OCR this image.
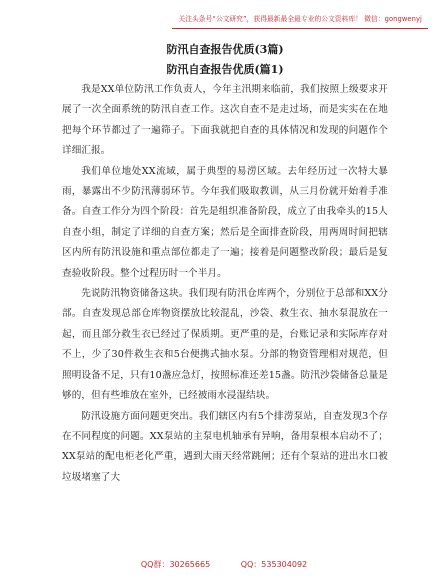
关注头条号“公文研究”，获得最新最全最专业的公文资料库！ 微信：gongwenyj
防汛自查报告优质(3篇)
防汛自查报告优质(篇1)

我是XX单位防汛工作负责人，今年主汛期来临前，我们按照上级要求开展了一次全面系统的防汛自查工作。这次自查不是走过场，而是实实在在地把每个环节都过了一遍筛子。下面我就把自查的具体情况和发现的问题作个详细汇报。

我们单位地处XX流域，属于典型的易涝区域。去年经历过一次特大暴雨，暴露出不少防汛薄弱环节。今年我们吸取教训，从三月份就开始着手准备。自查工作分为四个阶段：首先是组织准备阶段，成立了由我牵头的15人自查小组，制定了详细的自查方案；然后是全面排查阶段，用两周时间把辖区内所有防汛设施和重点部位都走了一遍；接着是问题整改阶段；最后是复查验收阶段。整个过程历时一个半月。

先说防汛物资储备这块。我们现有防汛仓库两个，分别位于总部和XX分部。自查发现总部仓库物资摆放比较混乱，沙袋、救生衣、抽水泵混放在一起，而且部分救生衣已经过了保质期。更严重的是，台账记录和实际库存对不上，少了30件救生衣和5台便携式抽水泵。分部的物资管理相对规范，但照明设备不足，只有10盏应急灯，按照标准还差15盏。防汛沙袋储备总量是够的，但有些堆放在室外，已经被雨水浸湿结块。

防汛设施方面问题更突出。我们辖区内有5个排涝泵站，自查发现3个存在不同程度的问题。XX泵站的主泵电机轴承有异响，备用泵根本启动不了；XX泵站的配电柜老化严重，遇到大雨天经常跳闸；还有个泵站的进出水口被垃圾堵塞了大

QQ群：30265665	QQ：535304092
